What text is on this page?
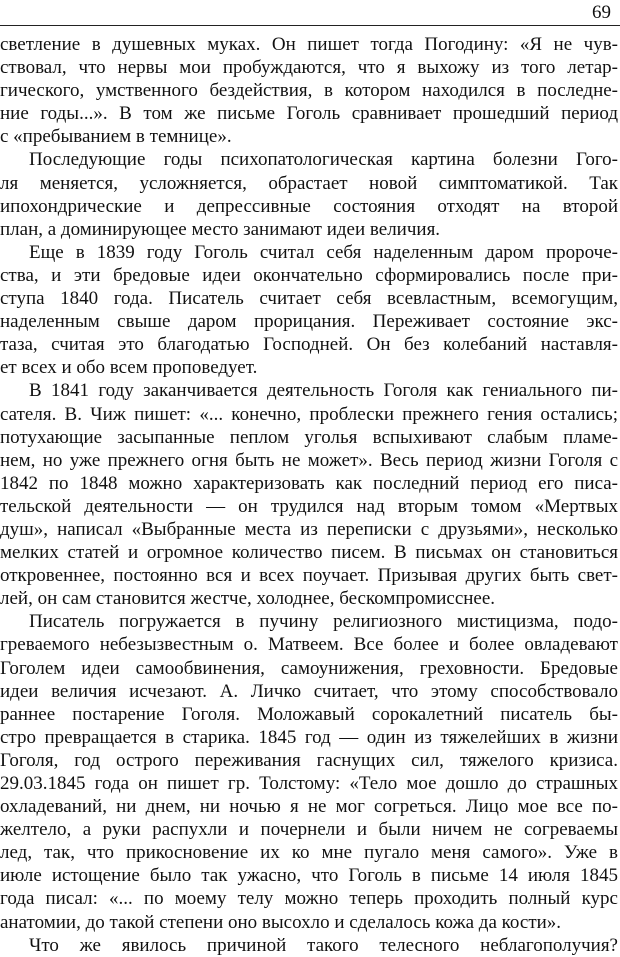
69
светление в душевных муках. Он пишет тогда Погодину: «Я не чув-
ствовал, что нервы мои пробуждаются, что я выхожу из того летар-
гического, умственного бездействия, в котором находился в последне-
ние годы...». В том же письме Гоголь сравнивает прошедший период
с «пребыванием в темнице».
Последующие годы психопатологическая картина болезни Гого-
ля меняется, усложняется, обрастает новой симптоматикой. Так
ипохондрические и депрессивные состояния отходят на второй
план, а доминирующее место занимают идеи величия.
Еще в 1839 году Гоголь считал себя наделенным даром пророче-
ства, и эти бредовые идеи окончательно сформировались после при-
ступа 1840 года. Писатель считает себя всевластным, всемогущим,
наделенным свыше даром прорицания. Переживает состояние экс-
таза, считая это благодатью Господней. Он без колебаний наставля-
ет всех и обо всем проповедует.
В 1841 году заканчивается деятельность Гоголя как гениального пи-
сателя. В. Чиж пишет: «... конечно, проблески прежнего гения остались;
потухающие засыпанные пеплом уголья вспыхивают слабым пламе-
нем, но уже прежнего огня быть не может». Весь период жизни Гоголя с
1842 по 1848 можно характеризовать как последний период его писа-
тельской деятельности — он трудился над вторым томом «Мертвых
душ», написал «Выбранные места из переписки с друзьями», несколько
мелких статей и огромное количество писем. В письмах он становиться
откровеннее, постоянно вся и всех поучает. Призывая других быть свет-
лей, он сам становится жестче, холоднее, бескомпромисснее.
Писатель погружается в пучину религиозного мистицизма, подо-
греваемого небезызвестным о. Матвеем. Все более и более овладевают
Гоголем идеи самообвинения, самоунижения, греховности. Бредовые
идеи величия исчезают. А. Личко считает, что этому способствовало
раннее постарение Гоголя. Моложавый сорокалетний писатель бы-
стро превращается в старика. 1845 год — один из тяжелейших в жизни
Гоголя, год острого переживания гаснущих сил, тяжелого кризиса.
29.03.1845 года он пишет гр. Толстому: «Тело мое дошло до страшных
охладеваний, ни днем, ни ночью я не мог согреться. Лицо мое все по-
желтело, а руки распухли и почернели и были ничем не согреваемы
лед, так, что прикосновение их ко мне пугало меня самого». Уже в
июле истощение было так ужасно, что Гоголь в письме 14 июля 1845
года писал: «... по моему телу можно теперь проходить полный курс
анатомии, до такой степени оно высохло и сделалось кожа да кости».
Что же явилось причиной такого телесного неблагополучия?
